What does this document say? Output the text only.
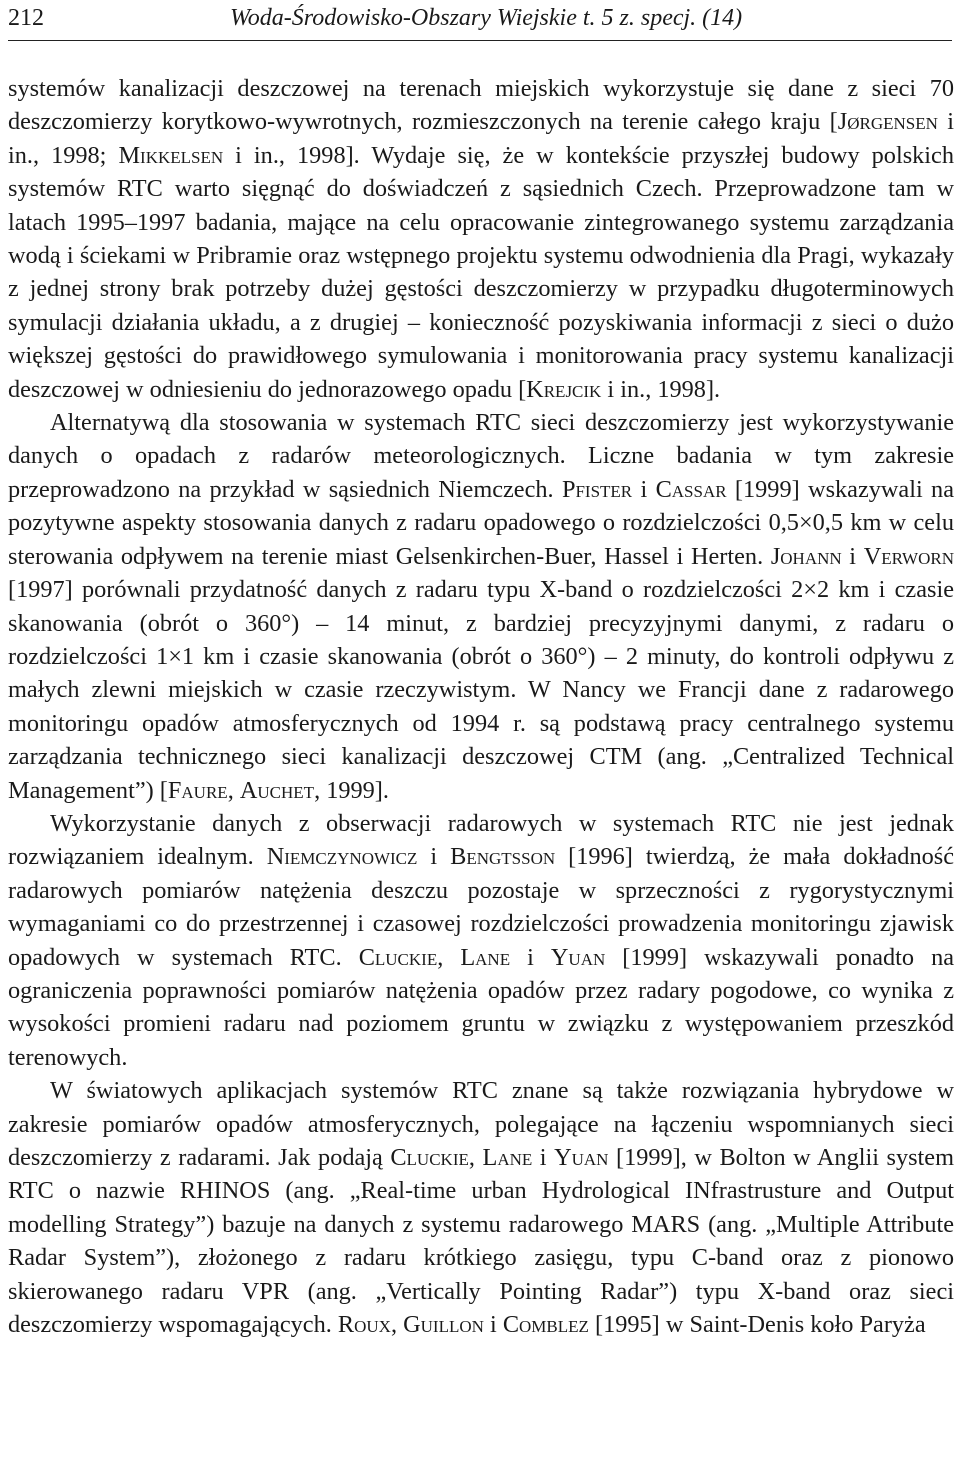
212	Woda-Środowisko-Obszary Wiejskie t. 5 z. specj. (14)

systemów kanalizacji deszczowej na terenach miejskich wykorzystuje się dane z sieci 70 deszczomierzy korytkowo-wywrotnych, rozmieszczonych na terenie całego kraju [Jørgensen i in., 1998; Mikkelsen i in., 1998]. Wydaje się, że w kontekście przyszłej budowy polskich systemów RTC warto sięgnąć do doświadczeń z sąsiednich Czech. Przeprowadzone tam w latach 1995–1997 badania, mające na celu opracowanie zintegrowanego systemu zarządzania wodą i ściekami w Pribramie oraz wstępnego projektu systemu odwodnienia dla Pragi, wykazały z jednej strony brak potrzeby dużej gęstości deszczomierzy w przypadku długoterminowych symulacji działania układu, a z drugiej – konieczność pozyskiwania informacji z sieci o dużo większej gęstości do prawidłowego symulowania i monitorowania pracy systemu kanalizacji deszczowej w odniesieniu do jednorazowego opadu [Krejcik i in., 1998].

Alternatywą dla stosowania w systemach RTC sieci deszczomierzy jest wykorzystywanie danych o opadach z radarów meteorologicznych. Liczne badania w tym zakresie przeprowadzono na przykład w sąsiednich Niemczech. Pfister i Cassar [1999] wskazywali na pozytywne aspekty stosowania danych z radaru opadowego o rozdzielczości 0,5×0,5 km w celu sterowania odpływem na terenie miast Gelsenkirchen-Buer, Hassel i Herten. Johann i Verworn [1997] porównali przydatność danych z radaru typu X-band o rozdzielczości 2×2 km i czasie skanowania (obrót o 360°) – 14 minut, z bardziej precyzyjnymi danymi, z radaru o rozdzielczości 1×1 km i czasie skanowania (obrót o 360°) – 2 minuty, do kontroli odpływu z małych zlewni miejskich w czasie rzeczywistym. W Nancy we Francji dane z radarowego monitoringu opadów atmosferycznych od 1994 r. są podstawą pracy centralnego systemu zarządzania technicznego sieci kanalizacji deszczowej CTM (ang. „Centralized Technical Management”) [Faure, Auchet, 1999].

Wykorzystanie danych z obserwacji radarowych w systemach RTC nie jest jednak rozwiązaniem idealnym. Niemczynowicz i Bengtsson [1996] twierdzą, że mała dokładność radarowych pomiarów natężenia deszczu pozostaje w sprzeczności z rygorystycznymi wymaganiami co do przestrzennej i czasowej rozdzielczości prowadzenia monitoringu zjawisk opadowych w systemach RTC. Cluckie, Lane i Yuan [1999] wskazywali ponadto na ograniczenia poprawności pomiarów natężenia opadów przez radary pogodowe, co wynika z wysokości promieni radaru nad poziomem gruntu w związku z występowaniem przeszkód terenowych.

W światowych aplikacjach systemów RTC znane są także rozwiązania hybrydowe w zakresie pomiarów opadów atmosferycznych, polegające na łączeniu wspomnianych sieci deszczomierzy z radarami. Jak podają Cluckie, Lane i Yuan [1999], w Bolton w Anglii system RTC o nazwie RHINOS (ang. „Real-time urban Hydrological INfrastrusture and Output modelling Strategy”) bazuje na danych z systemu radarowego MARS (ang. „Multiple Attribute Radar System”), złożonego z radaru krótkiego zasięgu, typu C-band oraz z pionowo skierowanego radaru VPR (ang. „Vertically Pointing Radar”) typu X-band oraz sieci deszczomierzy wspomagających. Roux, Guillon i Comblez [1995] w Saint-Denis koło Paryża
